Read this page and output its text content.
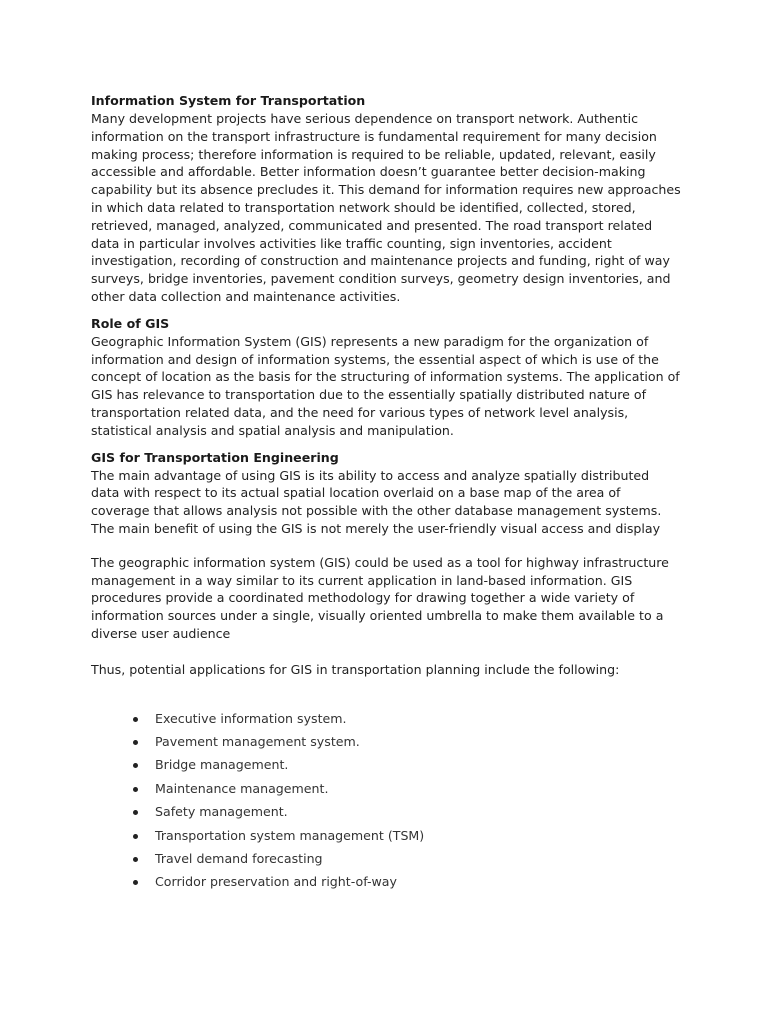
Information System for Transportation

Many development projects have serious dependence on transport network. Authentic information on the transport infrastructure is fundamental requirement for many decision making process; therefore information is required to be reliable, updated, relevant, easily accessible and affordable. Better information doesn’t guarantee better decision-making capability but its absence precludes it. This demand for information requires new approaches in which data related to transportation network should be identified, collected, stored, retrieved, managed, analyzed, communicated and presented. The road transport related data in particular involves activities like traffic counting, sign inventories, accident investigation, recording of construction and maintenance projects and funding, right of way surveys, bridge inventories, pavement condition surveys, geometry design inventories, and other data collection and maintenance activities.

Role of GIS

Geographic Information System (GIS) represents a new paradigm for the organization of information and design of information systems, the essential aspect of which is use of the concept of location as the basis for the structuring of information systems. The application of GIS has relevance to transportation due to the essentially spatially distributed nature of transportation related data, and the need for various types of network level analysis, statistical analysis and spatial analysis and manipulation.

GIS for Transportation Engineering

The main advantage of using GIS is its ability to access and analyze spatially distributed data with respect to its actual spatial location overlaid on a base map of the area of coverage that allows analysis not possible with the other database management systems. The main benefit of using the GIS is not merely the user-friendly visual access and display

The geographic information system (GIS) could be used as a tool for highway infrastructure management in a way similar to its current application in land-based information. GIS procedures provide a coordinated methodology for drawing together a wide variety of information sources under a single, visually oriented umbrella to make them available to a diverse user audience

Thus, potential applications for GIS in transportation planning include the following:

Executive information system.
Pavement management system.
Bridge management.
Maintenance management.
Safety management.
Transportation system management (TSM)
Travel demand forecasting
Corridor preservation and right-of-way
